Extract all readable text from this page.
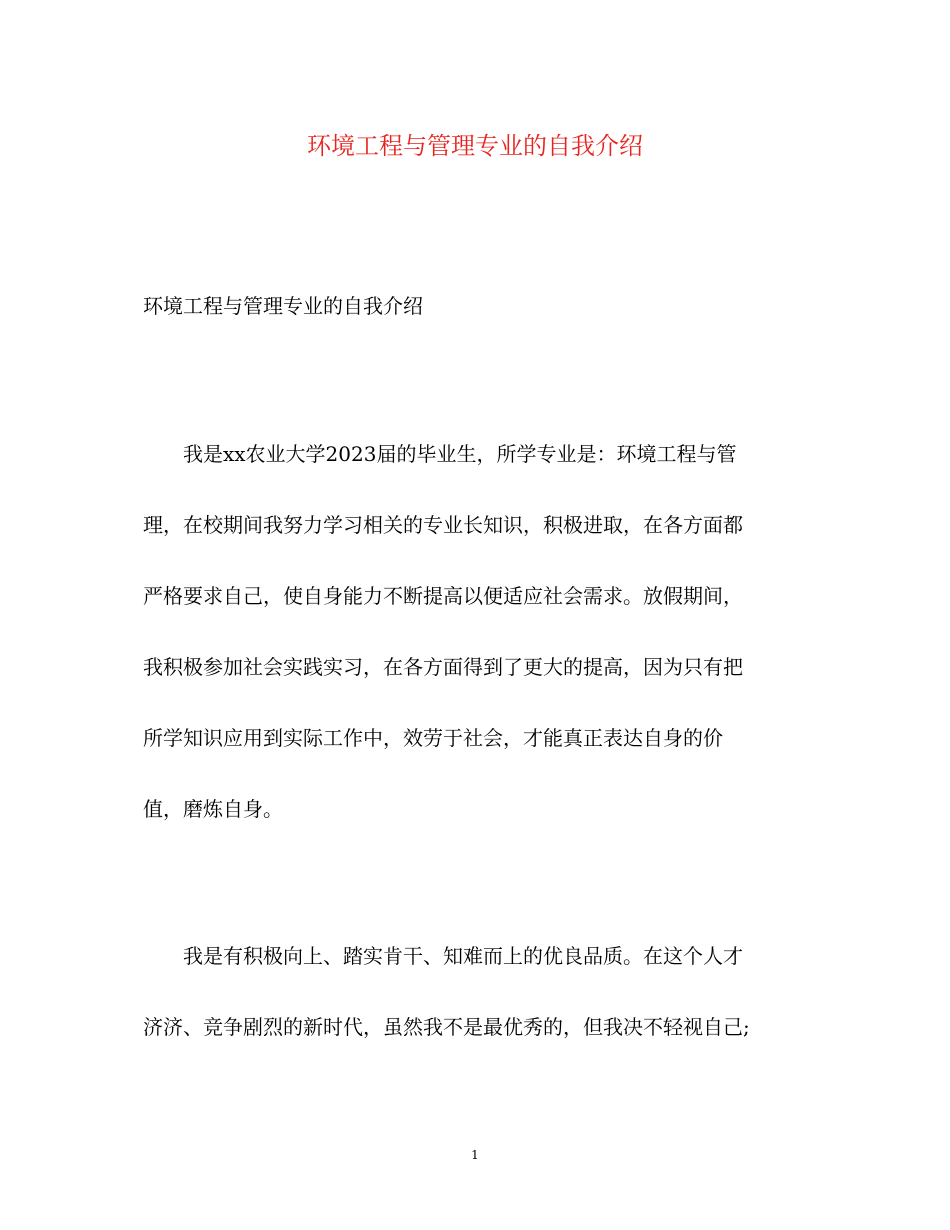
环境工程与管理专业的自我介绍

环境工程与管理专业的自我介绍

我是xx农业大学2023届的毕业生，所学专业是：环境工程与管

理，在校期间我努力学习相关的专业长知识，积极进取，在各方面都

严格要求自己，使自身能力不断提高以便适应社会需求。放假期间，

我积极参加社会实践实习，在各方面得到了更大的提高，因为只有把

所学知识应用到实际工作中，效劳于社会，才能真正表达自身的价

值，磨炼自身。

我是有积极向上、踏实肯干、知难而上的优良品质。在这个人才

济济、竞争剧烈的新时代，虽然我不是最优秀的，但我决不轻视自己;

1
